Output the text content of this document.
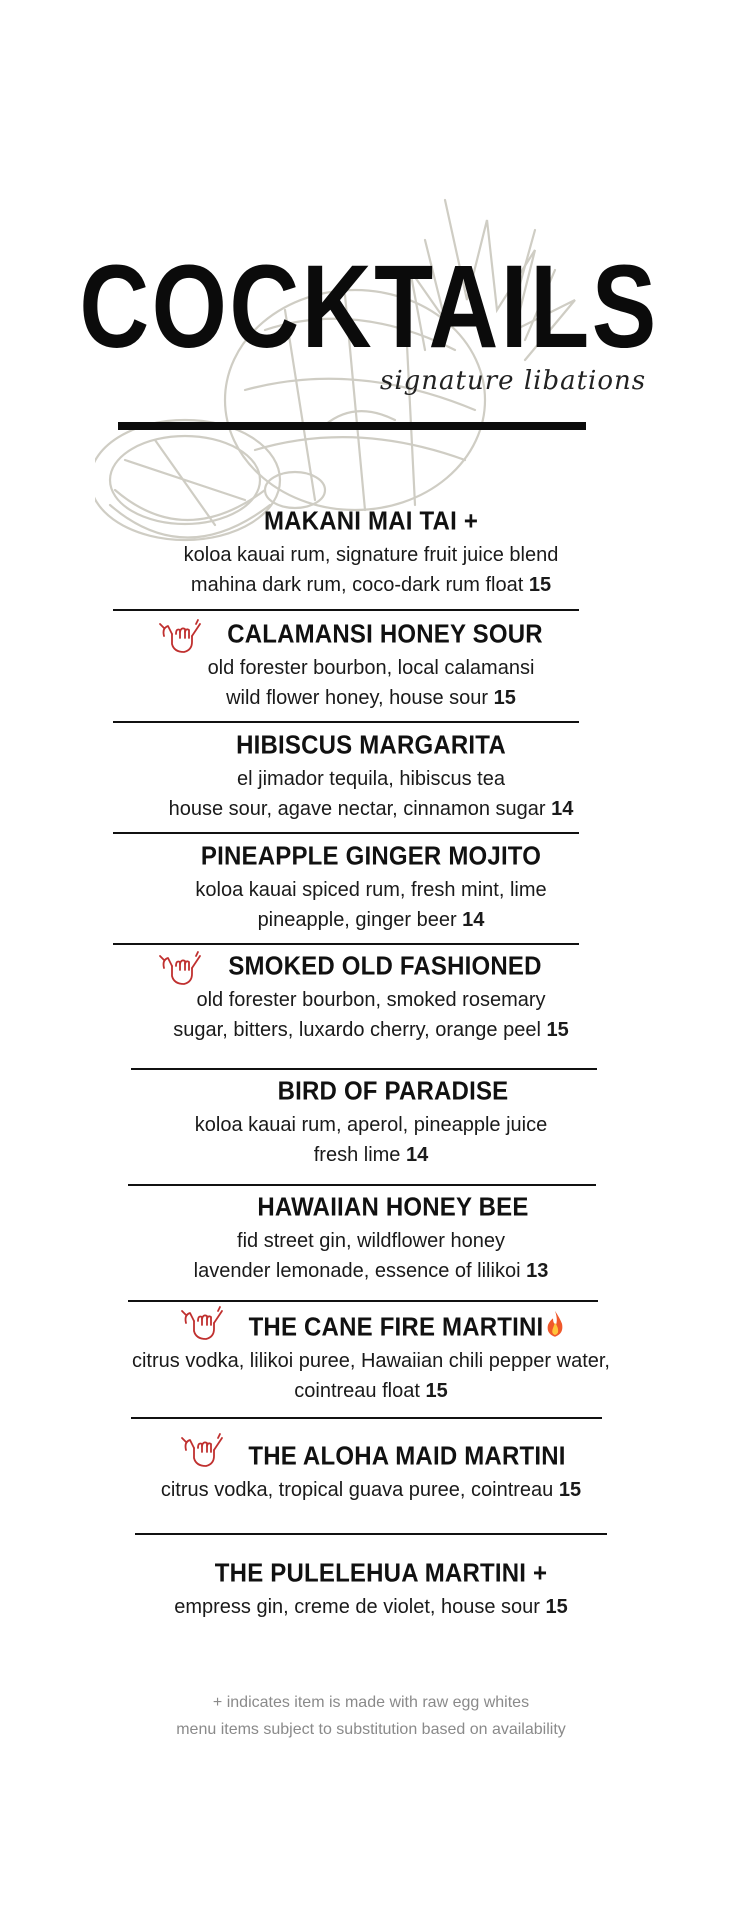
COCKTAILS
signature libations
MAKANI MAI TAI +
koloa kauai rum, signature fruit juice blend
mahina dark rum, coco-dark rum float 15
CALAMANSI HONEY SOUR
old forester bourbon, local calamansi
wild flower honey, house sour 15
HIBISCUS MARGARITA
el jimador tequila, hibiscus tea
house sour, agave nectar, cinnamon sugar 14
PINEAPPLE GINGER MOJITO
koloa kauai spiced rum, fresh mint, lime
pineapple, ginger beer 14
SMOKED OLD FASHIONED
old forester bourbon, smoked rosemary
sugar, bitters, luxardo cherry, orange peel 15
BIRD OF PARADISE
koloa kauai rum, aperol, pineapple juice
fresh lime 14
HAWAIIAN HONEY BEE
fid street gin, wildflower honey
lavender lemonade, essence of lilikoi 13
THE CANE FIRE MARTINI
citrus vodka, lilikoi puree, Hawaiian chili pepper water,
cointreau float 15
THE ALOHA MAID MARTINI
citrus vodka, tropical guava puree, cointreau 15
THE PULELEHUA MARTINI +
empress gin, creme de violet, house sour 15
+ indicates item is made with raw egg whites
menu items subject to substitution based on availability
